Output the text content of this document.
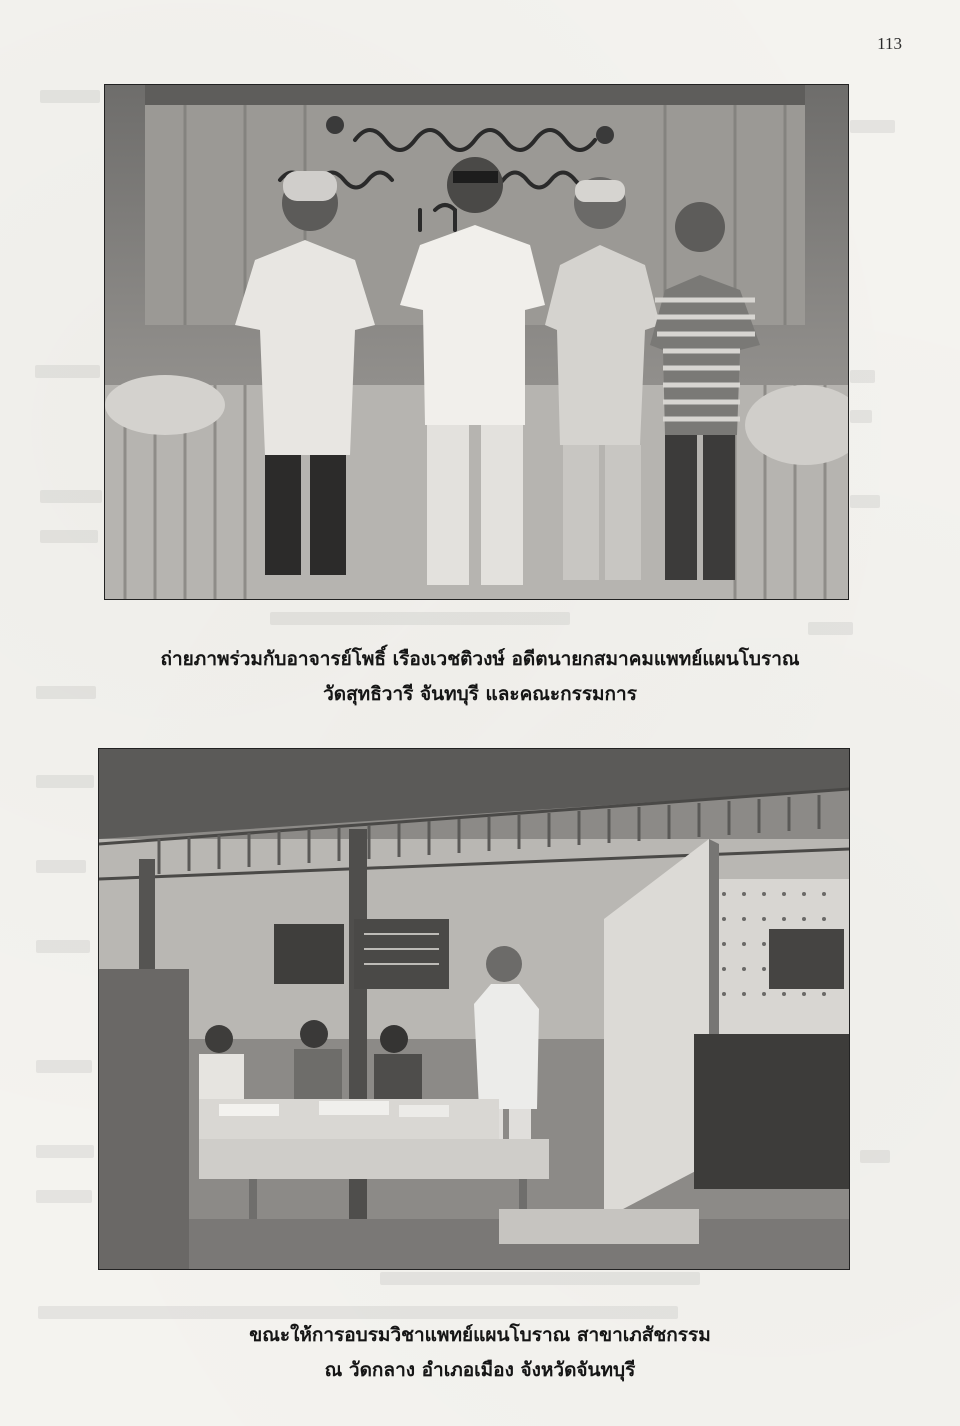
113
ถ่ายภาพร่วมกับอาจารย์โพธิ์ เรืองเวชติวงษ์ อดีตนายกสมาคมแพทย์แผนโบราณ
วัดสุทธิวารี จันทบุรี และคณะกรรมการ
ขณะให้การอบรมวิชาแพทย์แผนโบราณ สาขาเภสัชกรรม
ณ วัดกลาง อำเภอเมือง จังหวัดจันทบุรี
